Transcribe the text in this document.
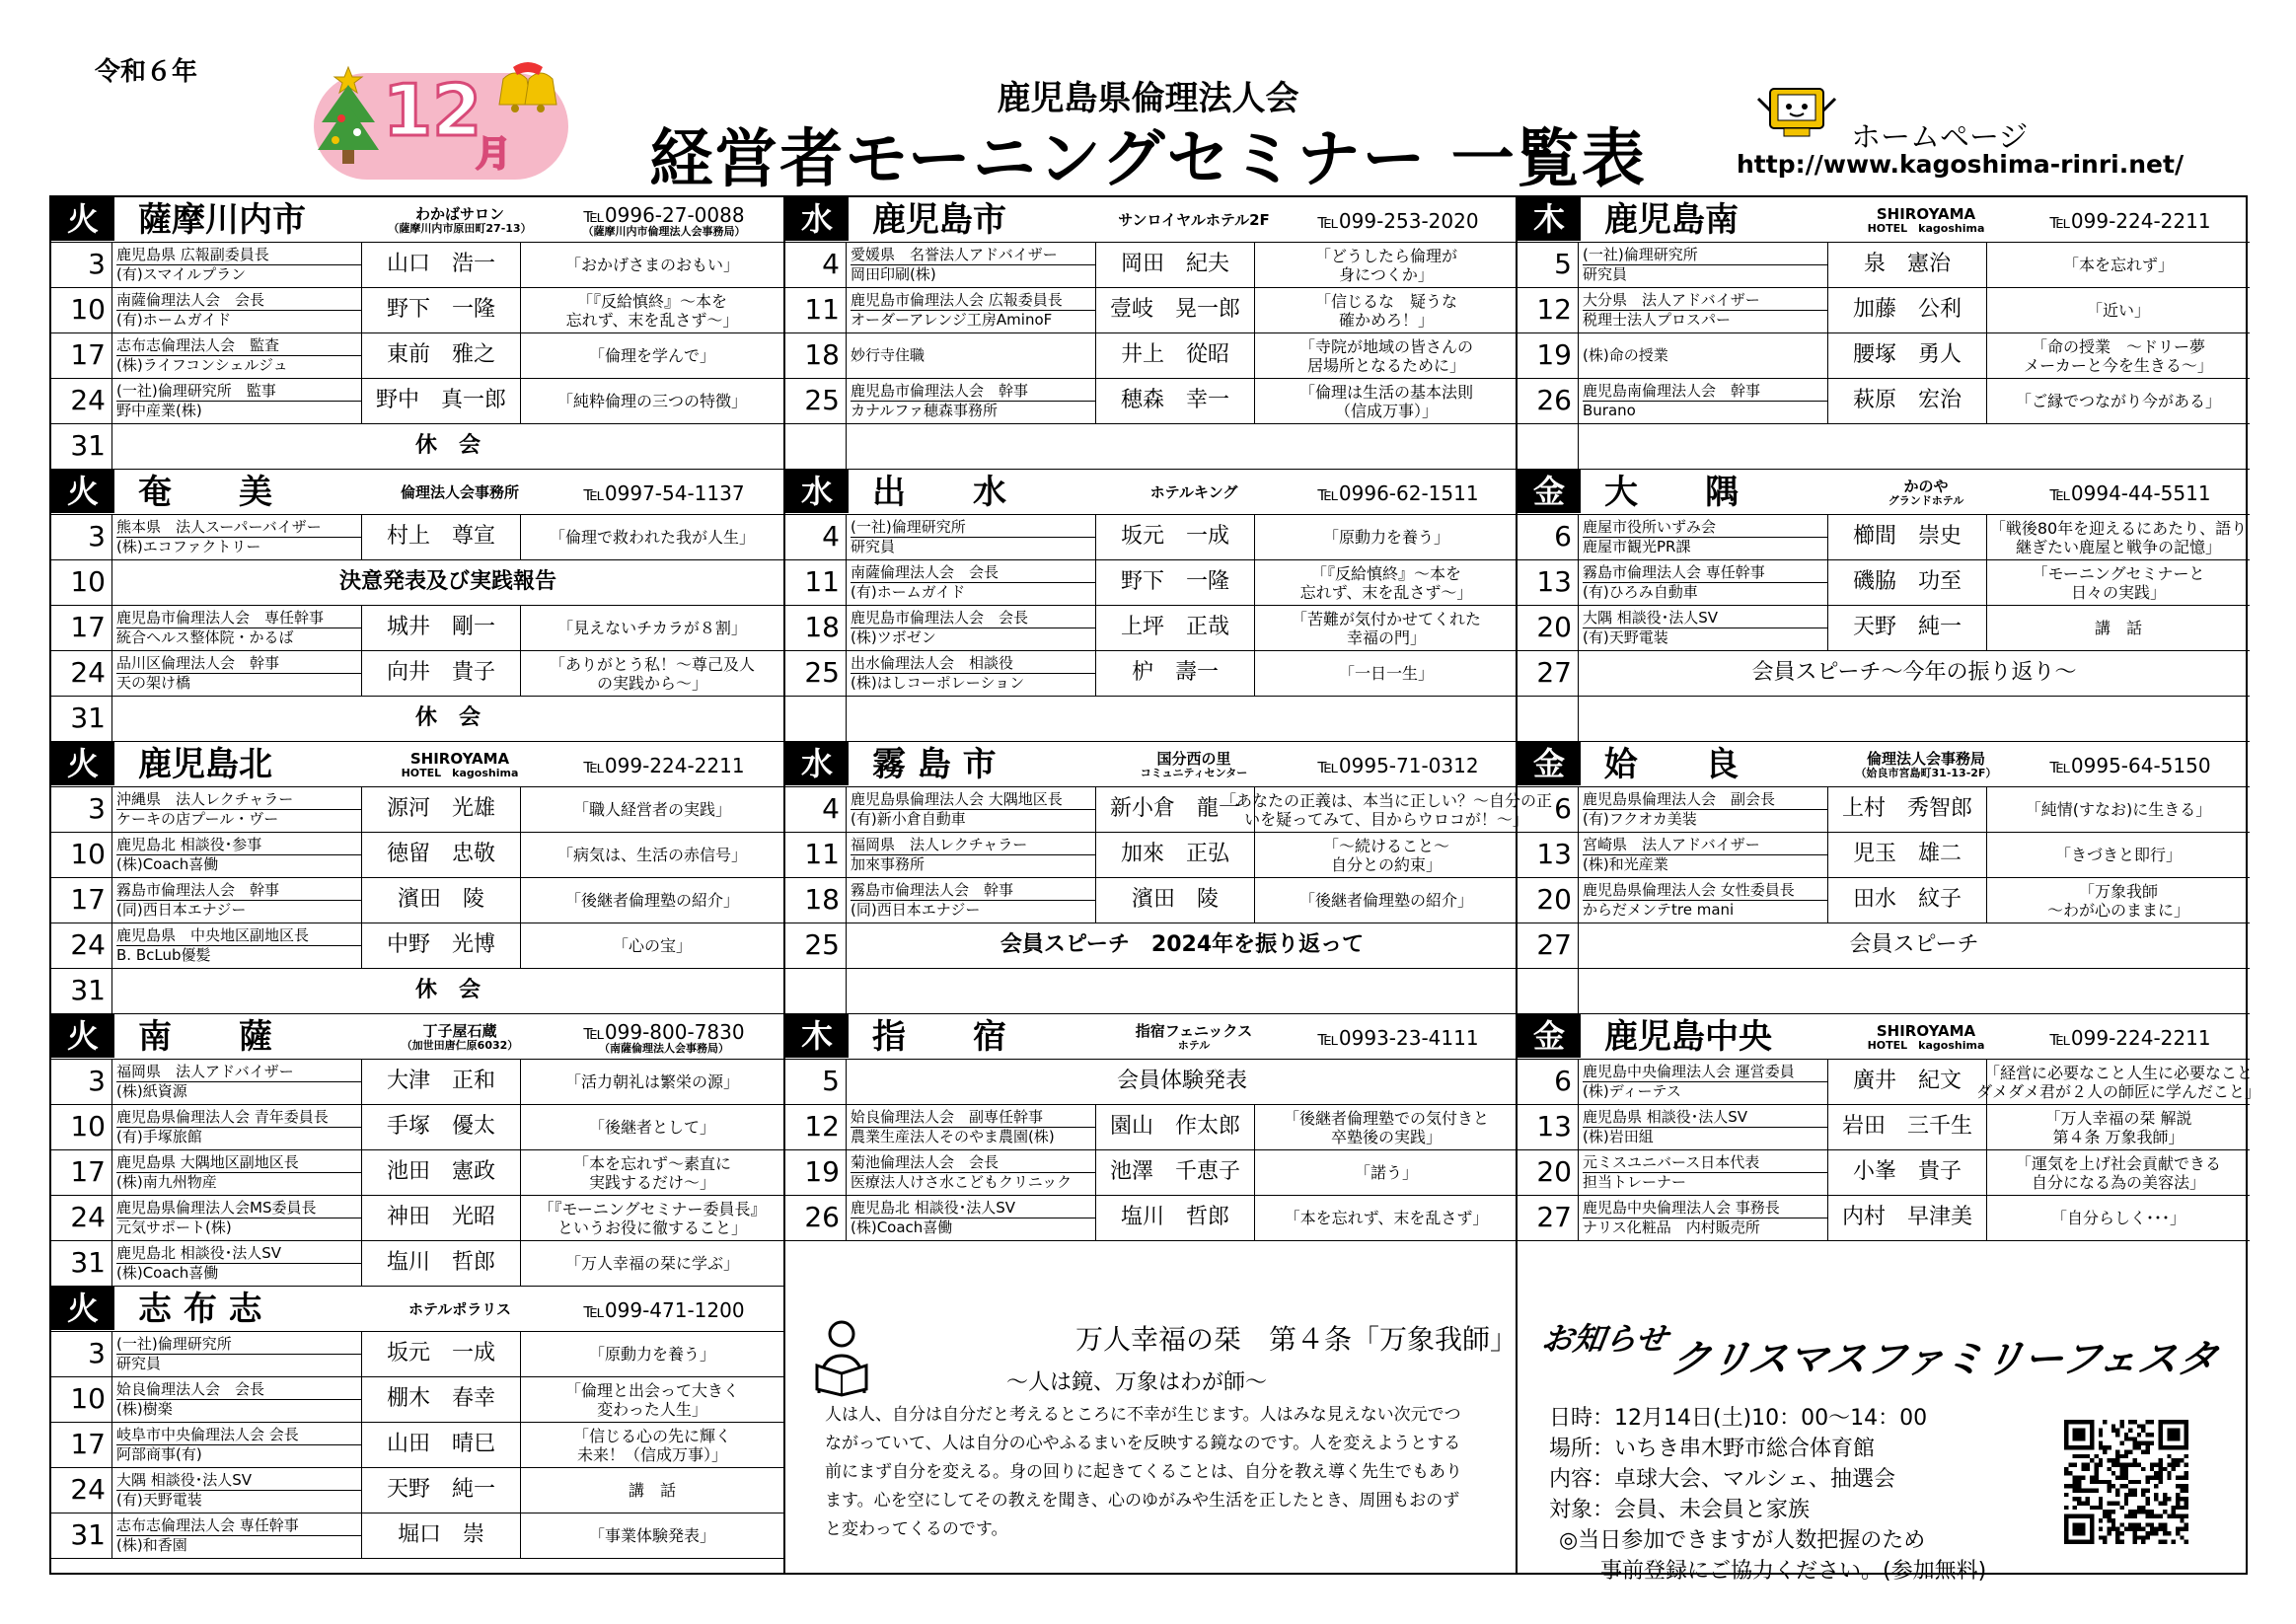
令和６年	12
月
鹿児島県倫理法人会
経営者モーニングセミナー 一覧表	ホームページ
http://www.kagoshima-rinri.net/
火	薩摩川内市	わかばサロン
（薩摩川内市原田町27-13）
℡0996-27-0088
（薩摩川内市倫理法人会事務局）
3 鹿児島県 広報副委員長
(有)スマイルプラン	山口　浩一	「おかげさまのおもい」
10 南薩倫理法人会　会長
(有)ホームガイド	野下　一隆	「『反給慎終』～本を
忘れず、末を乱さず～」
17 志布志倫理法人会　監査
(株)ライフコンシェルジュ	東前　雅之	「倫理を学んで」
24 (一社)倫理研究所　監事
野中産業(株)	野中　真一郎	「純粋倫理の三つの特徴」
31	休　会
火	奄　　美	倫理法人会事務所	℡0997-54-1137
3 熊本県　法人スーパーバイザー
(株)エコファクトリー	村上　尊宣	「倫理で救われた我が人生」
10	決意発表及び実践報告
17 鹿児島市倫理法人会　専任幹事
統合ヘルス整体院・かるば	城井　剛一	「見えないチカラが８割」
24 品川区倫理法人会　幹事
天の架け橋	向井　貴子	「ありがとう私！～尊己及人
の実践から～」
31	休　会
火	鹿児島北	SHIROYAMA
HOTEL　kagoshima	℡099-224-2211
3 沖縄県　法人レクチャラー
ケーキの店プール・ヴー	源河　光雄	「職人経営者の実践」
10 鹿児島北 相談役･参事
(株)Coach喜働	徳留　忠敬	「病気は、生活の赤信号」
17 霧島市倫理法人会　幹事
(同)西日本エナジー	濱田　陵	「後継者倫理塾の紹介」
24 鹿児島県　中央地区副地区長
B. BcLub優髪	中野　光博	「心の宝」
31	休　会
火	南　　薩	丁子屋石蔵
（加世田唐仁原6032）
℡099-800-7830
（南薩倫理法人会事務局）
3 福岡県　法人アドバイザー
(株)紙資源	大津　正和	「活力朝礼は繁栄の源」
10 鹿児島県倫理法人会 青年委員長
(有)手塚旅館	手塚　優太	「後継者として」
17 鹿児島県 大隅地区副地区長
(株)南九州物産	池田　憲政	「本を忘れず～素直に
実践するだけ～」
24 鹿児島県倫理法人会MS委員長
元気サポート(株)	神田　光昭	「『モーニングセミナー委員長』
というお役に徹すること」
31 鹿児島北 相談役･法人SV
(株)Coach喜働	塩川　哲郎	「万人幸福の栞に学ぶ」
火	志 布 志	ホテルポラリス	℡099-471-1200
3 (一社)倫理研究所
研究員	坂元　一成	「原動力を養う」
10 姶良倫理法人会　会長
(株)樹楽	棚木　春幸	「倫理と出会って大きく
変わった人生」
17 岐阜市中央倫理法人会 会長
阿部商事(有)	山田　晴巳	「信じる心の先に輝く
未来！（信成万事）」
24 大隅 相談役･法人SV
(有)天野電装	天野　純一	講　話
31 志布志倫理法人会 専任幹事
(株)和香園	堀口　崇	「事業体験発表」
水	鹿児島市	サンロイヤルホテル2F ℡099-253-2020
4 愛媛県　名誉法人アドバイザー
岡田印刷(株)	岡田　紀夫	「どうしたら倫理が
身につくか」
11 鹿児島市倫理法人会 広報委員長
オーダーアレンジ工房AminoF	壹岐　晃一郎	「信じるな　疑うな
確かめろ！」
18 妙行寺住職	井上　從昭	「寺院が地域の皆さんの
居場所となるために」
25 鹿児島市倫理法人会　幹事
カナルファ穂森事務所	穂森　幸一	「倫理は生活の基本法則
（信成万事）」
水	出　　水	ホテルキング	℡0996-62-1511
4 (一社)倫理研究所
研究員	坂元　一成	「原動力を養う」
11 南薩倫理法人会　会長
(有)ホームガイド	野下　一隆	「『反給慎終』～本を
忘れず、末を乱さず～」
18 鹿児島市倫理法人会　会長
(株)ツボゼン	上坪　正哉	「苦難が気付かせてくれた
幸福の門」
25 出水倫理法人会　相談役
(株)はしコーポレーション	枦　壽一	「一日一生」
水	霧 島 市	国分西の里
コミュニティセンター	℡0995-71-0312
4 鹿児島県倫理法人会 大隅地区長
(有)新小倉自動車	新小倉　龍一
「あなたの正義は、本当に正しい？～自分の正
いを疑ってみて、目からウロコが！～」
11 福岡県　法人レクチャラー
加來事務所	加來　正弘	「～続けること～
自分との約束」
18 霧島市倫理法人会　幹事
(同)西日本エナジー	濱田　陵	「後継者倫理塾の紹介」
25	会員スピーチ　2024年を振り返って
木	指　　宿	指宿フェニックス
ホテル	℡0993-23-4111
5	会員体験発表
12 姶良倫理法人会　副専任幹事
農業生産法人そのやま農園(株)	園山　作太郎	「後継者倫理塾での気付きと
卒塾後の実践」
19 菊池倫理法人会　会長
医療法人けさ水こどもクリニック	池澤　千恵子	「諾う」
26 鹿児島北 相談役･法人SV
(株)Coach喜働	塩川　哲郎	「本を忘れず、末を乱さず」
木	鹿児島南	SHIROYAMA
HOTEL　kagoshima	℡099-224-2211
5 (一社)倫理研究所
研究員	泉　憲治	「本を忘れず」
12 大分県　法人アドバイザー
税理士法人プロスパー	加藤　公利	「近い」
19 (株)命の授業	腰塚　勇人	「命の授業　～ドリー夢
メーカーと今を生きる～」
26 鹿児島南倫理法人会　幹事
Burano	萩原　宏治	「ご縁でつながり今がある」
金	大　　隅	かのや
グランドホテル	℡0994-44-5511
6 鹿屋市役所いずみ会
鹿屋市観光PR課	櫛間　崇史	「戦後80年を迎えるにあたり、語り
継ぎたい鹿屋と戦争の記憶」
13 霧島市倫理法人会 専任幹事
(有)ひろみ自動車	磯脇　功至	「モーニングセミナーと
日々の実践」
20 大隅 相談役･法人SV
(有)天野電装	天野　純一	講　話
27	会員スピーチ～今年の振り返り～
金	姶　　良	倫理法人会事務局
（姶良市宮島町31-13-2F）	℡0995-64-5150
6 鹿児島県倫理法人会　副会長
(有)フクオカ美装	上村　秀智郎	「純情(すなお)に生きる」
13 宮崎県　法人アドバイザー
(株)和光産業	児玉　雄二	「きづきと即行」
20 鹿児島県倫理法人会 女性委員長
からだメンテtre mani	田水　紋子	「万象我師
～わが心のままに」
27	会員スピーチ
金	鹿児島中央	SHIROYAMA
HOTEL　kagoshima	℡099-224-2211
6 鹿児島中央倫理法人会 運営委員
(株)ディーテス	廣井　紀文	「経営に必要なこと人生に必要なこと
ダメダメ君が２人の師匠に学んだこと」
13 鹿児島県 相談役･法人SV
(株)岩田組	岩田　三千生	「万人幸福の栞 解説
第４条 万象我師」
20 元ミスユニバース日本代表
担当トレーナー	小峯　貴子	「運気を上げ社会貢献できる
自分になる為の美容法」
27 鹿児島中央倫理法人会 事務長
ナリス化粧品　内村販売所	内村　早津美	「自分らしく･･･」
万人幸福の栞　第４条「万象我師」
～人は鏡、万象はわが師～
人は人、自分は自分だと考えるところに不幸が生じます。人はみな見えない次元でつながっていて、人は自分の心やふるまいを反映する鏡なのです。人を変えようとする前にまず自分を変える。身の回りに起きてくることは、自分を教え導く先生でもあります。心を空にしてその教えを聞き、心のゆがみや生活を正したとき、周囲もおのずと変わってくるのです。
お知らせ
クリスマスファミリーフェスタ
日時：12月14日(土)10：00～14：00
場所：いちき串木野市総合体育館
内容：卓球大会、マルシェ、抽選会
対象：会員、未会員と家族
◎当日参加できますが人数把握のため
事前登録にご協力ください。(参加無料)
